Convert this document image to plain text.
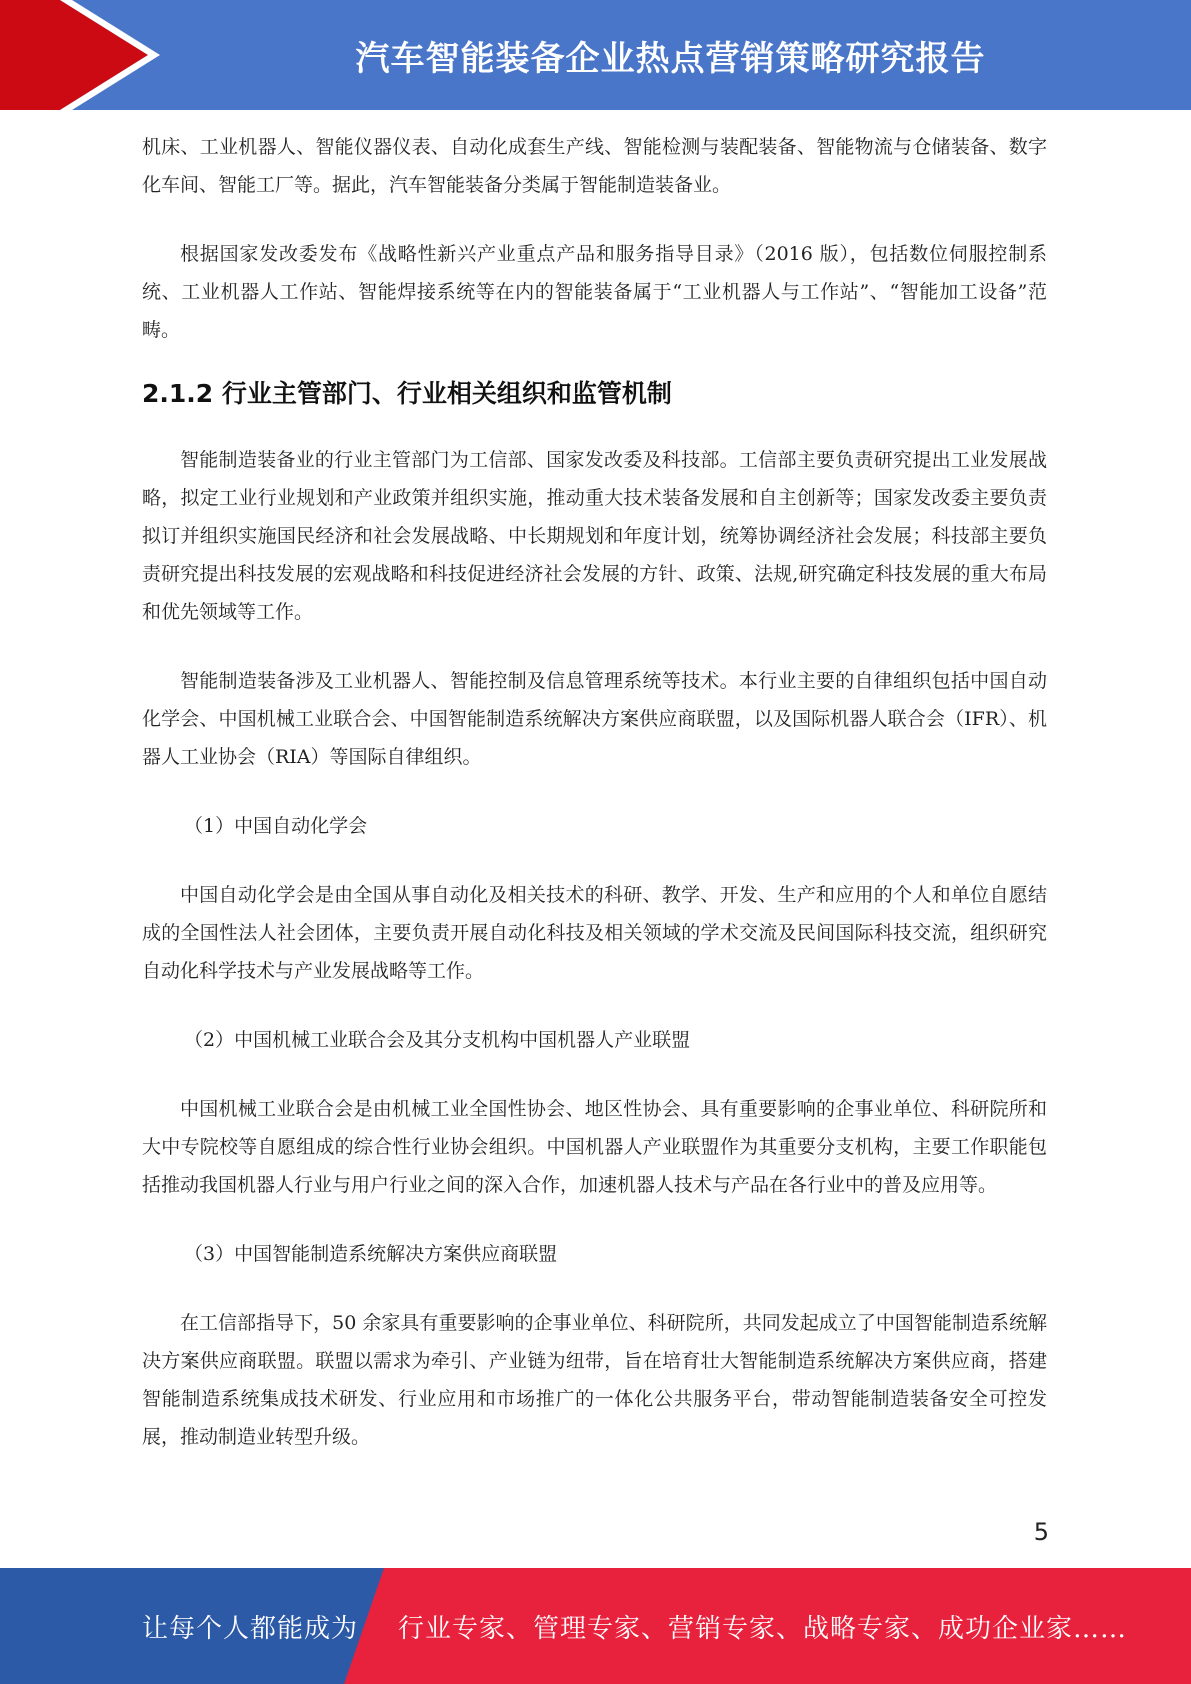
汽车智能装备企业热点营销策略研究报告

机床、工业机器人、智能仪器仪表、自动化成套生产线、智能检测与装配装备、智能物流与仓储装备、数字化车间、智能工厂等。据此，汽车智能装备分类属于智能制造装备业。

根据国家发改委发布《战略性新兴产业重点产品和服务指导目录》（2016 版），包括数位伺服控制系统、工业机器人工作站、智能焊接系统等在内的智能装备属于“工业机器人与工作站”、“智能加工设备”范畴。

2.1.2 行业主管部门、行业相关组织和监管机制

智能制造装备业的行业主管部门为工信部、国家发改委及科技部。工信部主要负责研究提出工业发展战略，拟定工业行业规划和产业政策并组织实施，推动重大技术装备发展和自主创新等；国家发改委主要负责拟订并组织实施国民经济和社会发展战略、中长期规划和年度计划，统筹协调经济社会发展；科技部主要负责研究提出科技发展的宏观战略和科技促进经济社会发展的方针、政策、法规,研究确定科技发展的重大布局和优先领域等工作。

智能制造装备涉及工业机器人、智能控制及信息管理系统等技术。本行业主要的自律组织包括中国自动化学会、中国机械工业联合会、中国智能制造系统解决方案供应商联盟，以及国际机器人联合会（IFR）、机器人工业协会（RIA）等国际自律组织。

（1）中国自动化学会

中国自动化学会是由全国从事自动化及相关技术的科研、教学、开发、生产和应用的个人和单位自愿结成的全国性法人社会团体，主要负责开展自动化科技及相关领域的学术交流及民间国际科技交流，组织研究自动化科学技术与产业发展战略等工作。

（2）中国机械工业联合会及其分支机构中国机器人产业联盟

中国机械工业联合会是由机械工业全国性协会、地区性协会、具有重要影响的企事业单位、科研院所和大中专院校等自愿组成的综合性行业协会组织。中国机器人产业联盟作为其重要分支机构，主要工作职能包括推动我国机器人行业与用户行业之间的深入合作，加速机器人技术与产品在各行业中的普及应用等。

（3）中国智能制造系统解决方案供应商联盟

在工信部指导下，50 余家具有重要影响的企事业单位、科研院所，共同发起成立了中国智能制造系统解决方案供应商联盟。联盟以需求为牵引、产业链为纽带，旨在培育壮大智能制造系统解决方案供应商，搭建智能制造系统集成技术研发、行业应用和市场推广的一体化公共服务平台，带动智能制造装备安全可控发展，推动制造业转型升级。

5
让每个人都能成为 行业专家、管理专家、营销专家、战略专家、成功企业家……
